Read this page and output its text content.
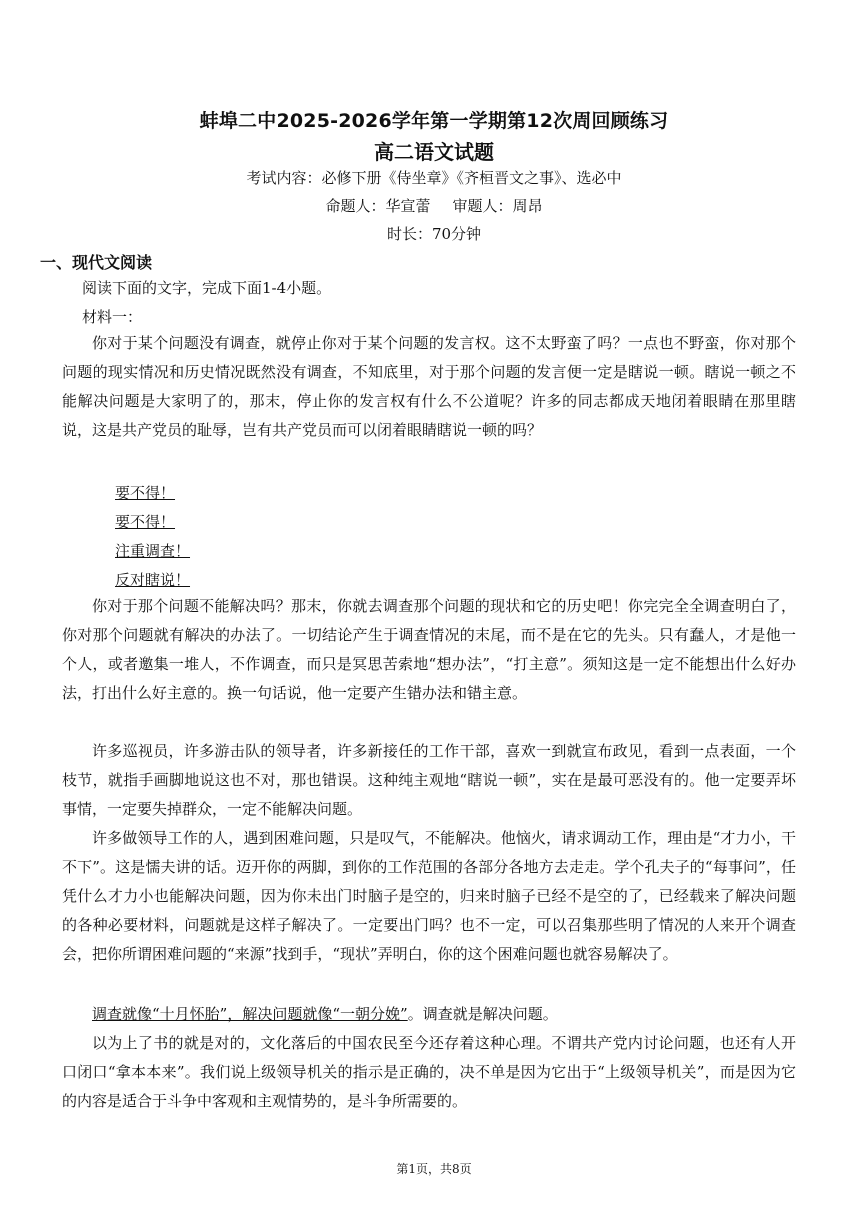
蚌埠二中2025-2026学年第一学期第12次周回顾练习
高二语文试题
考试内容：必修下册《侍坐章》《齐桓晋文之事》、选必中
命题人：华宣蕾 审题人：周昂
时长：70分钟
一、现代文阅读
阅读下面的文字，完成下面1-4小题。
材料一：

你对于某个问题没有调查，就停止你对于某个问题的发言权。这不太野蛮了吗？一点也不野蛮，你对那个问题的现实情况和历史情况既然没有调查，不知底里，对于那个问题的发言便一定是瞎说一顿。瞎说一顿之不能解决问题是大家明了的，那末，停止你的发言权有什么不公道呢？许多的同志都成天地闭着眼睛在那里瞎说，这是共产党员的耻辱，岂有共产党员而可以闭着眼睛瞎说一顿的吗？

要不得！
要不得！
注重调查！
反对瞎说！

你对于那个问题不能解决吗？那末，你就去调查那个问题的现状和它的历史吧！你完完全全调查明白了，你对那个问题就有解决的办法了。一切结论产生于调查情况的末尾，而不是在它的先头。只有蠢人，才是他一个人，或者邀集一堆人，不作调查，而只是冥思苦索地“想办法”，“打主意”。须知这是一定不能想出什么好办法，打出什么好主意的。换一句话说，他一定要产生错办法和错主意。

许多巡视员，许多游击队的领导者，许多新接任的工作干部，喜欢一到就宣布政见，看到一点表面，一个枝节，就指手画脚地说这也不对，那也错误。这种纯主观地“瞎说一顿”，实在是最可恶没有的。他一定要弄坏事情，一定要失掉群众，一定不能解决问题。

许多做领导工作的人，遇到困难问题，只是叹气，不能解决。他恼火，请求调动工作，理由是“才力小，干不下”。这是懦夫讲的话。迈开你的两脚，到你的工作范围的各部分各地方去走走。学个孔夫子的“每事问”，任凭什么才力小也能解决问题，因为你未出门时脑子是空的，归来时脑子已经不是空的了，已经载来了解决问题的各种必要材料，问题就是这样子解决了。一定要出门吗？也不一定，可以召集那些明了情况的人来开个调查会，把你所谓困难问题的“来源”找到手，“现状”弄明白，你的这个困难问题也就容易解决了。

调查就像“十月怀胎”，解决问题就像“一朝分娩”。调查就是解决问题。

以为上了书的就是对的，文化落后的中国农民至今还存着这种心理。不谓共产党内讨论问题，也还有人开口闭口“拿本本来”。我们说上级领导机关的指示是正确的，决不单是因为它出于“上级领导机关”，而是因为它的内容是适合于斗争中客观和主观情势的，是斗争所需要的。

第1页，共8页
